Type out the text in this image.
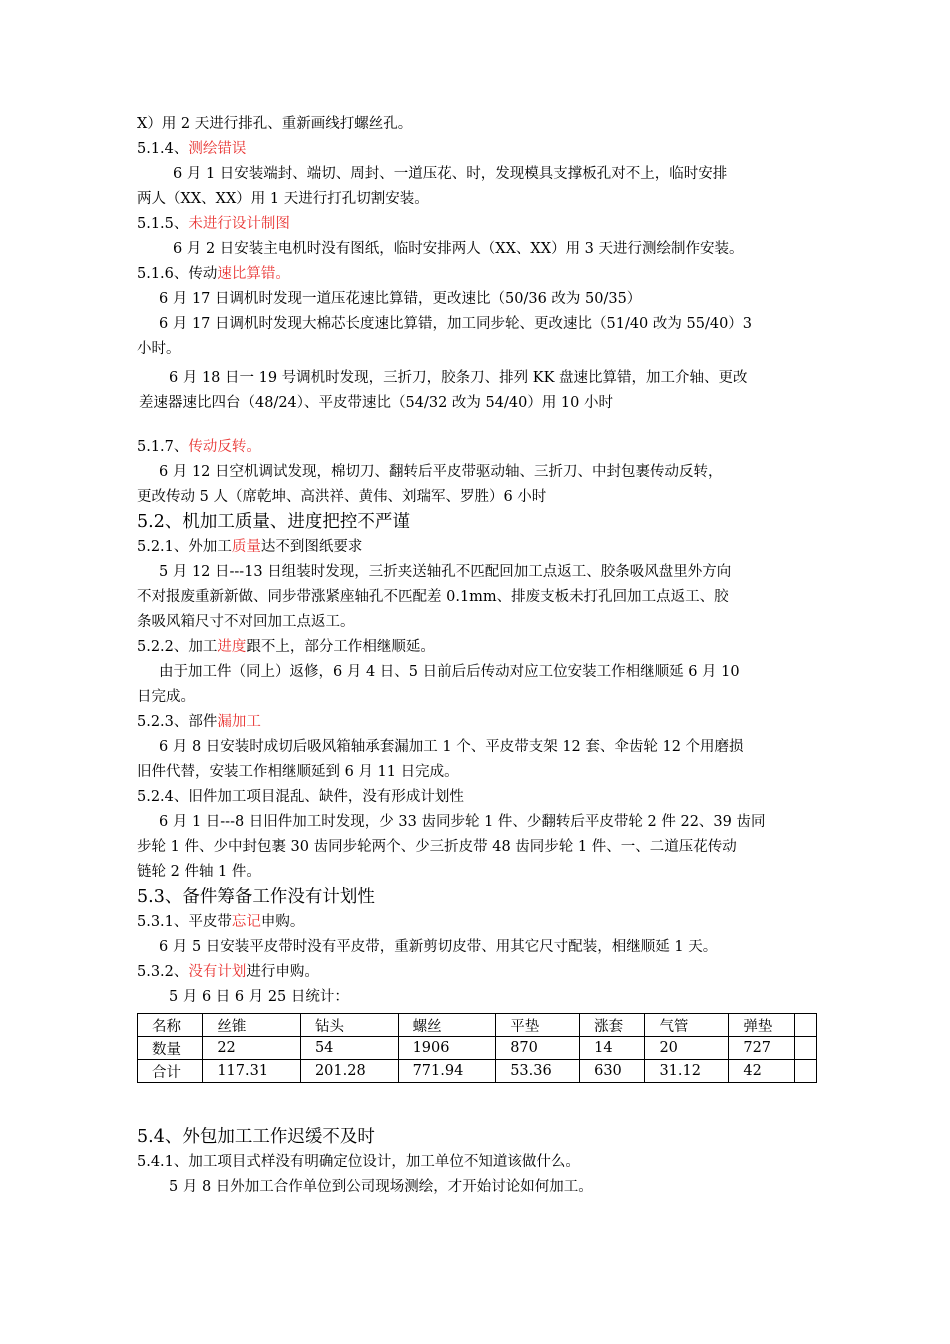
X）用 2 天进行排孔、重新画线打螺丝孔。
5.1.4、测绘错误
6 月 1 日安装端封、端切、周封、一道压花、时，发现模具支撑板孔对不上，临时安排
两人（XX、XX）用 1 天进行打孔切割安装。
5.1.5、未进行设计制图
6 月 2 日安装主电机时没有图纸，临时安排两人（XX、XX）用 3 天进行测绘制作安装。
5.1.6、传动速比算错。
6 月 17 日调机时发现一道压花速比算错，更改速比（50/36 改为 50/35）
6 月 17 日调机时发现大棉芯长度速比算错，加工同步轮、更改速比（51/40 改为 55/40）3
小时。
6 月 18 日一 19 号调机时发现，三折刀，胶条刀、排列 KK 盘速比算错，加工介轴、更改
差速器速比四台（48/24）、平皮带速比（54/32 改为 54/40）用 10 小时
5.1.7、传动反转。
6 月 12 日空机调试发现，棉切刀、翻转后平皮带驱动轴、三折刀、中封包裹传动反转，
更改传动 5 人（席乾坤、高洪祥、黄伟、刘瑞军、罗胜）6 小时
5.2、机加工质量、进度把控不严谨
5.2.1、外加工质量达不到图纸要求
5 月 12 日---13 日组装时发现，三折夹送轴孔不匹配回加工点返工、胶条吸风盘里外方向
不对报废重新新做、同步带涨紧座轴孔不匹配差 0.1mm、排废支板未打孔回加工点返工、胶
条吸风箱尺寸不对回加工点返工。
5.2.2、加工进度跟不上，部分工作相继顺延。
由于加工件（同上）返修，6 月 4 日、5 日前后后传动对应工位安装工作相继顺延 6 月 10
日完成。
5.2.3、部件漏加工
6 月 8 日安装时成切后吸风箱轴承套漏加工 1 个、平皮带支架 12 套、伞齿轮 12 个用磨损
旧件代替，安装工作相继顺延到 6 月 11 日完成。
5.2.4、旧件加工项目混乱、缺件，没有形成计划性
6 月 1 日---8 日旧件加工时发现，少 33 齿同步轮 1 件、少翻转后平皮带轮 2 件 22、39 齿同
步轮 1 件、少中封包裹 30 齿同步轮两个、少三折皮带 48 齿同步轮 1 件、一、二道压花传动
链轮 2 件轴 1 件。
5.3、备件筹备工作没有计划性
5.3.1、平皮带忘记申购。
6 月 5 日安装平皮带时没有平皮带，重新剪切皮带、用其它尺寸配装，相继顺延 1 天。
5.3.2、没有计划进行申购。
5 月 6 日 6 月 25 日统计：
名称	丝锥	钻头	螺丝	平垫	涨套	气管	弹垫	
数量	22	54	1906	870	14	20	727	
合计	117.31	201.28	771.94	53.36	630	31.12	42	
5.4、外包加工工作迟缓不及时
5.4.1、加工项目式样没有明确定位设计，加工单位不知道该做什么。
5 月 8 日外加工合作单位到公司现场测绘，才开始讨论如何加工。
